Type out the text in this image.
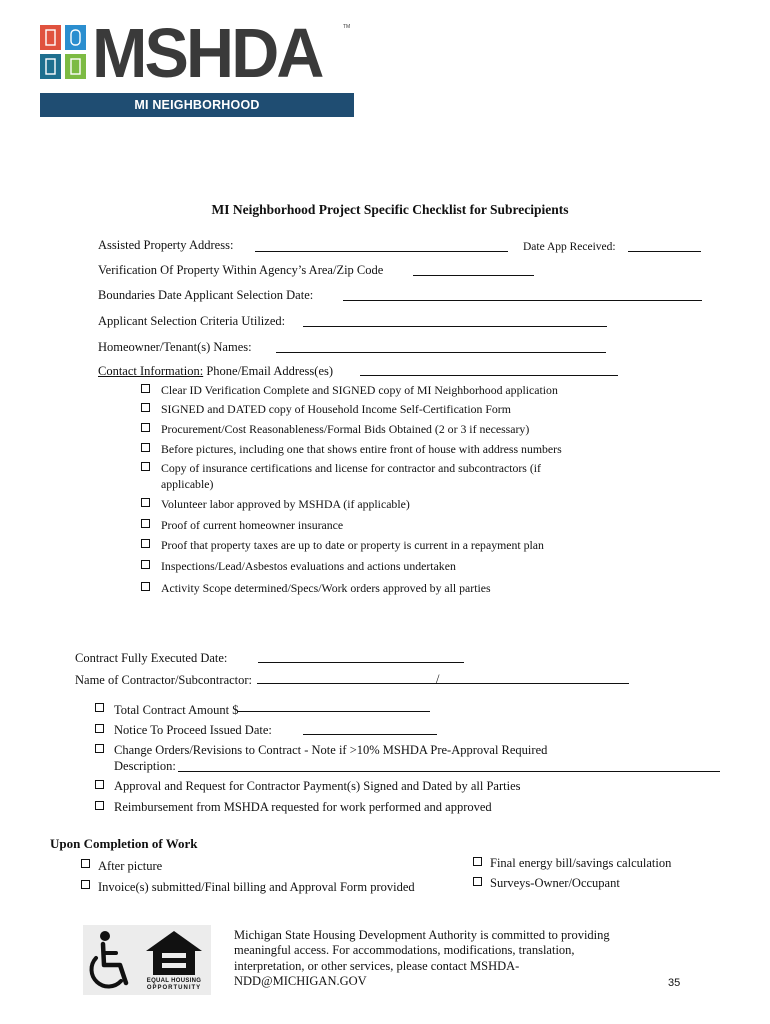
MSHDA	TM
MI NEIGHBORHOOD
MI Neighborhood Project Specific Checklist for Subrecipients
Assisted Property Address:	Date App Received:
Verification Of Property Within Agency’s Area/Zip Code
Boundaries Date Applicant Selection Date:
Applicant Selection Criteria Utilized:
Homeowner/Tenant(s) Names:
Contact Information: Phone/Email Address(es)
Clear ID Verification Complete and SIGNED copy of MI Neighborhood application
SIGNED and DATED copy of Household Income Self-Certification Form
Procurement/Cost Reasonableness/Formal Bids Obtained (2 or 3 if necessary)
Before pictures, including one that shows entire front of house with address numbers
Copy of insurance certifications and license for contractor and subcontractors (if
applicable)
Volunteer labor approved by MSHDA (if applicable)
Proof of current homeowner insurance
Proof that property taxes are up to date or property is current in a repayment plan
Inspections/Lead/Asbestos evaluations and actions undertaken
Activity Scope determined/Specs/Work orders approved by all parties
Contract Fully Executed Date:
Name of Contractor/Subcontractor:	/
Total Contract Amount $
Notice To Proceed Issued Date:
Change Orders/Revisions to Contract - Note if >10% MSHDA Pre-Approval Required
Description:
Approval and Request for Contractor Payment(s) Signed and Dated by all Parties
Reimbursement from MSHDA requested for work performed and approved
Upon Completion of Work
After picture
Invoice(s) submitted/Final billing and Approval Form provided
Final energy bill/savings calculation
Surveys-Owner/Occupant
EQUAL HOUSING
OPPORTUNITY
Michigan State Housing Development Authority is committed to providing
meaningful access. For accommodations, modifications, translation,
interpretation, or other services, please contact MSHDA-
NDD@MICHIGAN.GOV	35
